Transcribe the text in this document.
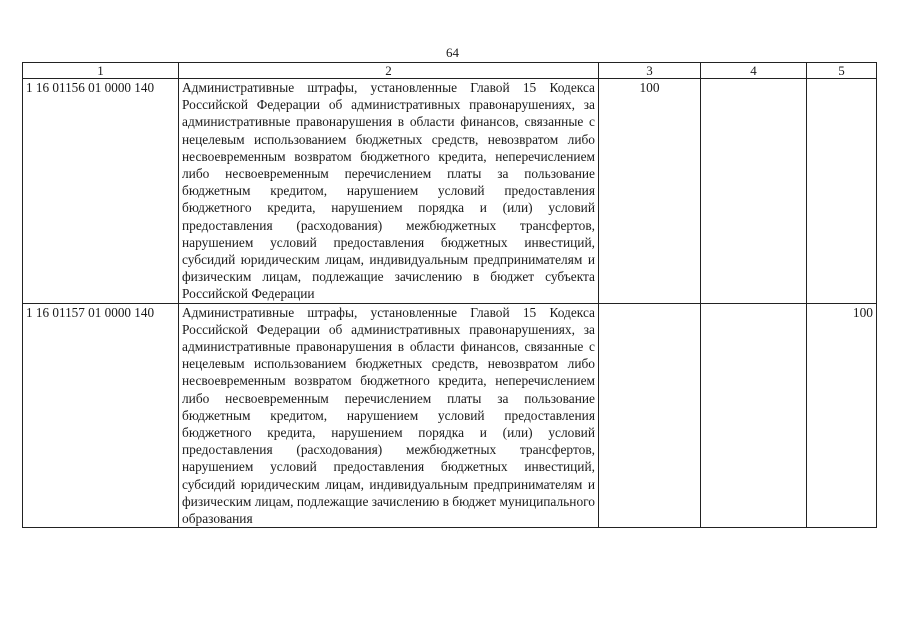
64
1	2	3	4	5
1 16 01156 01 0000 140	Административные штрафы, установленные Главой 15 Кодекса Российской Федерации об административных правонарушениях, за административные правонарушения в области финансов, связанные с нецелевым использованием бюджетных средств, невозвратом либо несвоевременным возвратом бюджетного кредита, неперечислением либо несвоевременным перечислением платы за пользование бюджетным кредитом, нарушением условий предоставления бюджетного кредита, нарушением порядка и (или) условий предоставления (расходования) межбюджетных трансфертов, нарушением условий предоставления бюджетных инвестиций, субсидий юридическим лицам, индивидуальным предпринимателям и физическим лицам, подлежащие зачислению в бюджет субъекта Российской Федерации	100		
1 16 01157 01 0000 140	Административные штрафы, установленные Главой 15 Кодекса Российской Федерации об административных правонарушениях, за административные правонарушения в области финансов, связанные с нецелевым использованием бюджетных средств, невозвратом либо несвоевременным возвратом бюджетного кредита, неперечислением либо несвоевременным перечислением платы за пользование бюджетным кредитом, нарушением условий предоставления бюджетного кредита, нарушением порядка и (или) условий предоставления (расходования) межбюджетных трансфертов, нарушением условий предоставления бюджетных инвестиций, субсидий юридическим лицам, индивидуальным предпринимателям и физическим лицам, подлежащие зачислению в бюджет муниципального образования			100
